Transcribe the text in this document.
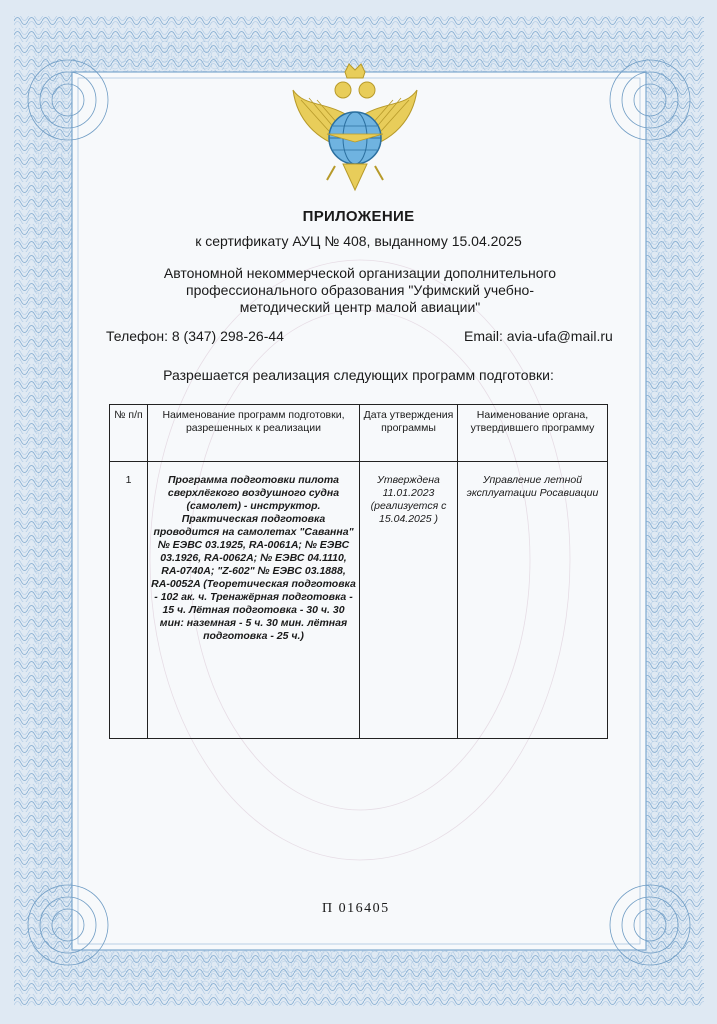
ПРИЛОЖЕНИЕ
к сертификату АУЦ № 408, выданному 15.04.2025
Автономной некоммерческой организации дополнительного профессионального образования "Уфимский учебно-методический центр малой авиации"
Телефон: 8 (347) 298-26-44	Email: avia-ufa@mail.ru
Разрешается реализация следующих программ подготовки:
№ п/п	Наименование программ подготовки, разрешенных к реализации	Дата утверждения программы	Наименование органа, утвердившего программу
1	Программа подготовки пилота сверхлёгкого воздушного судна (самолет) - инструктор. Практическая подготовка проводится на самолетах "Саванна" № ЕЭВС 03.1925, RA-0061A; № ЕЭВС 03.1926, RA-0062A; № ЕЭВС 04.1110, RA-0740A; "Z-602" № ЕЭВС 03.1888, RA-0052A (Теоретическая подготовка - 102 ак. ч. Тренажёрная подготовка - 15 ч. Лётная подготовка - 30 ч. 30 мин: наземная - 5 ч. 30 мин. лётная подготовка - 25 ч.)	Утверждена 11.01.2023 (реализуется с 15.04.2025 )	Управление летной эксплуатации Росавиации
П 016405
